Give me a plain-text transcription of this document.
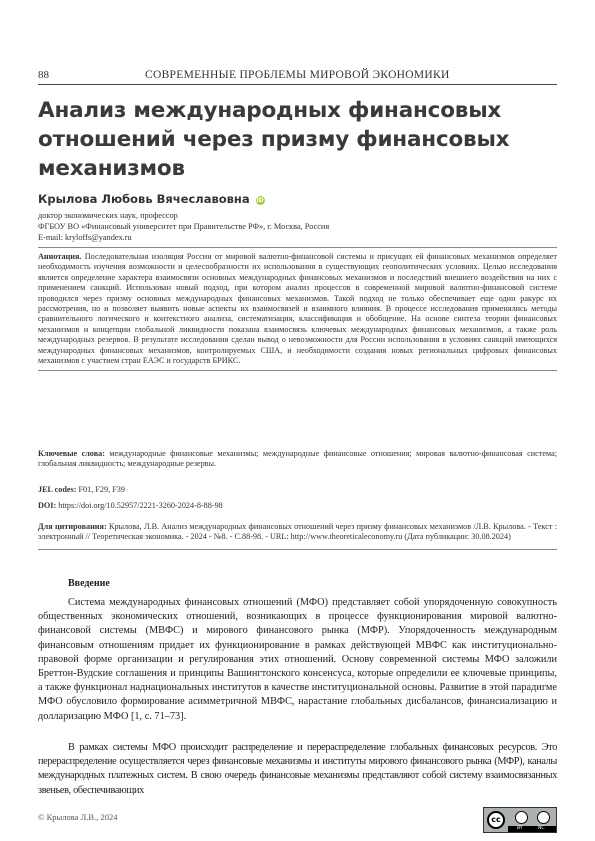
88	СОВРЕМЕННЫЕ ПРОБЛЕМЫ МИРОВОЙ ЭКОНОМИКИ
Анализ международных финансовых отношений через призму финансовых механизмов
Крылова Любовь Вячеславовна iD
доктор экономических наук, профессор
ФГБОУ ВО «Финансовый университет при Правительстве РФ», г. Москва, Россия
E-mail: kryloffs@yandex.ru
Аннотация. Последовательная изоляция России от мировой валютно-финансовой системы и присущих ей финансовых механизмов определяет необходимость изучения возможности и целесообразности их использования в существующих геополитических условиях. Целью исследования является определение характера взаимосвязи основных международных финансовых механизмов и последствий внешнего воздействия на них с применением санкций. Использован новый подход, при котором анализ процессов в современной мировой валютно-финансовой системе проводился через призму основных международных финансовых механизмов. Такой подход не только обеспечивает еще один ракурс их рассмотрения, но и позволяет выявить новые аспекты их взаимосвязей и взаимного влияния. В процессе исследования применялись методы сравнительного логического и контекстного анализа, систематизация, классификация и обобщение. На основе синтеза теории финансовых механизмов и концепции глобальной ликвидности показана взаимосвязь ключевых международных финансовых механизмов, а также роль международных резервов. В результате исследования сделан вывод о невозможности для России использования в условиях санкций имеющихся международных финансовых механизмов, контролируемых США, и необходимости создания новых региональных цифровых финансовых механизмов с участием стран ЕАЭС и государств БРИКС.
Ключевые слова: международные финансовые механизмы; международные финансовые отношения; мировая валютно-финансовая система; глобальная ликвидность; международные резервы.
JEL codes: F01, F29, F39
DOI: https://doi.org/10.52957/2221-3260-2024-8-88-98
Для цитирования: Крылова, Л.В. Анализ международных финансовых отношений через призму финансовых механизмов /Л.В. Крылова. - Текст : электронный // Теоретическая экономика. - 2024 - №8. - С.88-98. - URL: http://www.theoreticaleconomy.ru (Дата публикации: 30.08.2024)
Введение
Система международных финансовых отношений (МФО) представляет собой упорядоченную совокупность общественных экономических отношений, возникающих в процессе функционирования мировой валютно-финансовой системы (МВФС) и мирового финансового рынка (МФР). Упорядоченность международным финансовым отношениям придает их функционирование в рамках действующей МВФС как институционально-правовой форме организации и регулирования этих отношений. Основу современной системы МФО заложили Бреттон-Вудские соглашения и принципы Вашингтонского консенсуса, которые определили ее ключевые принципы, а также функционал наднациональных институтов в качестве институциональной основы. Развитие в этой парадигме МФО обусловило формирование асимметричной МВФС, нарастание глобальных дисбалансов, финансиализацию и долларизацию МФО [1, с. 71–73].
В рамках системы МФО происходит распределение и перераспределение глобальных финансовых ресурсов. Это перераспределение осуществляется через финансовые механизмы и институты мирового финансового рынка (МФР), каналы международных платежных систем. В свою очередь финансовые механизмы представляют собой систему взаимосвязанных звеньев, обеспечивающих
© Крылова Л.В., 2024	cc
BY	NC
